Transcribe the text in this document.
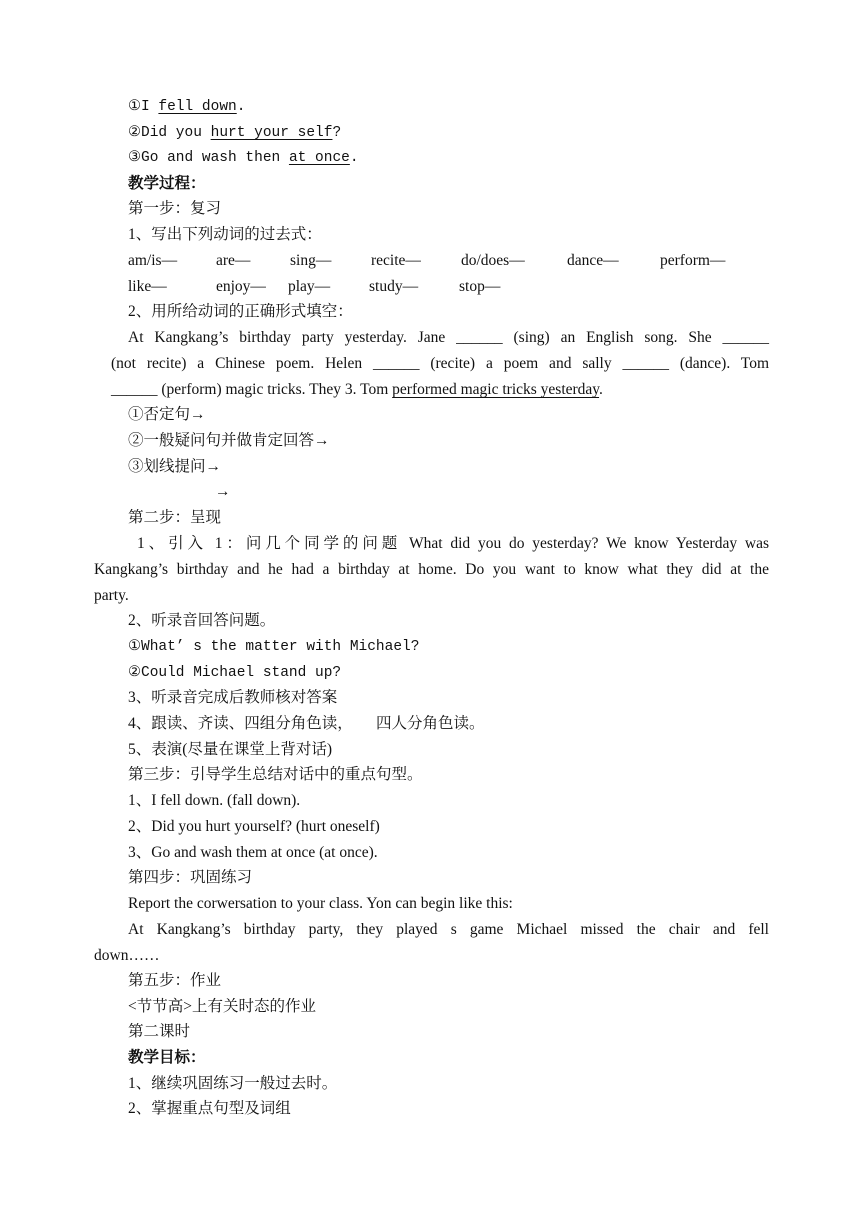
①I fell down.
②Did you hurt your self?
③Go and wash then at once.
教学过程：
第一步：复习
1、写出下列动词的过去式：
am/is—	are—	sing—	recite—	do/does—	dance—	perform—
like—	enjoy— play—	study—	stop—
2、用所给动词的正确形式填空：
At Kangkang’s birthday party yesterday. Jane ______ (sing) an English song. She ______
(not recite) a Chinese poem. Helen ______ (recite) a poem and sally ______ (dance). Tom
______ (perform) magic tricks. They 3. Tom performed magic tricks yesterday.
①否定句→
②一般疑问句并做肯定回答→
③划线提问→
→
第二步：呈现
1、引入 1：问几个同学的问题 What did you do yesterday? We know Yesterday was
Kangkang’s birthday and he had a birthday at home. Do you want to know what they did at the
party.
2、听录音回答问题。
①What’ s the matter with Michael?
②Could Michael stand up?
3、听录音完成后教师核对答案
4、跟读、齐读、四组分角色读，　　四人分角色读。
5、表演(尽量在课堂上背对话)
第三步：引导学生总结对话中的重点句型。
1、I fell down. (fall down).
2、Did you hurt yourself? (hurt oneself)
3、Go and wash them at once (at once).
第四步：巩固练习
Report the corwersation to your class. Yon can begin like this:
At Kangkang’s birthday party, they played s game Michael missed the chair and fell
down……
第五步：作业
<节节高>上有关时态的作业
第二课时
教学目标：
1、继续巩固练习一般过去时。
2、掌握重点句型及词组
